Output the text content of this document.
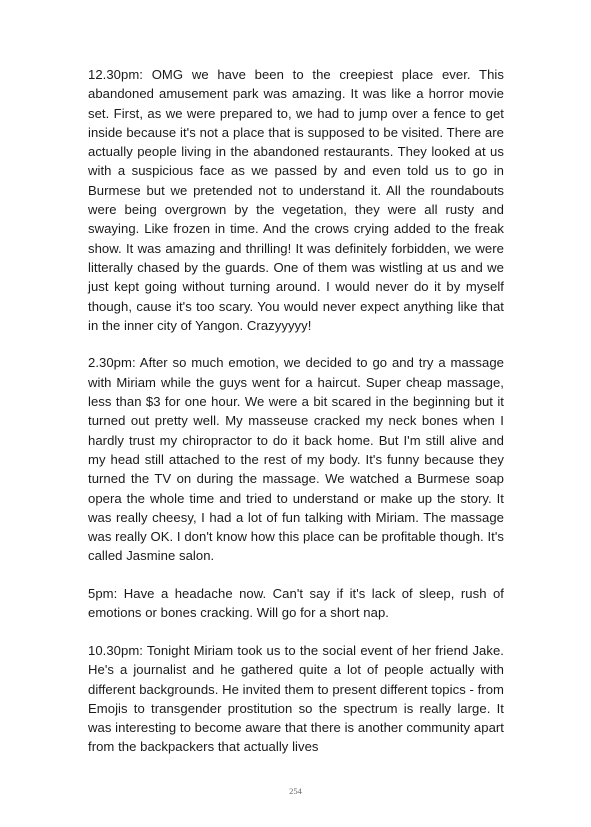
12.30pm: OMG we have been to the creepiest place ever. This abandoned amusement park was amazing. It was like a horror movie set. First, as we were prepared to, we had to jump over a fence to get inside because it's not a place that is supposed to be visited. There are actually people living in the abandoned restaurants. They looked at us with a suspicious face as we passed by and even told us to go in Burmese but we pretended not to understand it. All the roundabouts were being overgrown by the vegetation, they were all rusty and swaying. Like frozen in time. And the crows crying added to the freak show. It was amazing and thrilling! It was definitely forbidden, we were litterally chased by the guards. One of them was wistling at us and we just kept going without turning around. I would never do it by myself though, cause it's too scary. You would never expect anything like that in the inner city of Yangon. Crazyyyyy!

2.30pm: After so much emotion, we decided to go and try a massage with Miriam while the guys went for a haircut. Super cheap massage, less than $3 for one hour. We were a bit scared in the beginning but it turned out pretty well. My masseuse cracked my neck bones when I hardly trust my chiropractor to do it back home. But I'm still alive and my head still attached to the rest of my body. It's funny because they turned the TV on during the massage. We watched a Burmese soap opera the whole time and tried to understand or make up the story. It was really cheesy, I had a lot of fun talking with Miriam. The massage was really OK. I don't know how this place can be profitable though. It's called Jasmine salon.

5pm: Have a headache now. Can't say if it's lack of sleep, rush of emotions or bones cracking. Will go for a short nap.

10.30pm: Tonight Miriam took us to the social event of her friend Jake. He's a journalist and he gathered quite a lot of people actually with different backgrounds. He invited them to present different topics - from Emojis to transgender prostitution so the spectrum is really large. It was interesting to become aware that there is another community apart from the backpackers that actually lives

254
